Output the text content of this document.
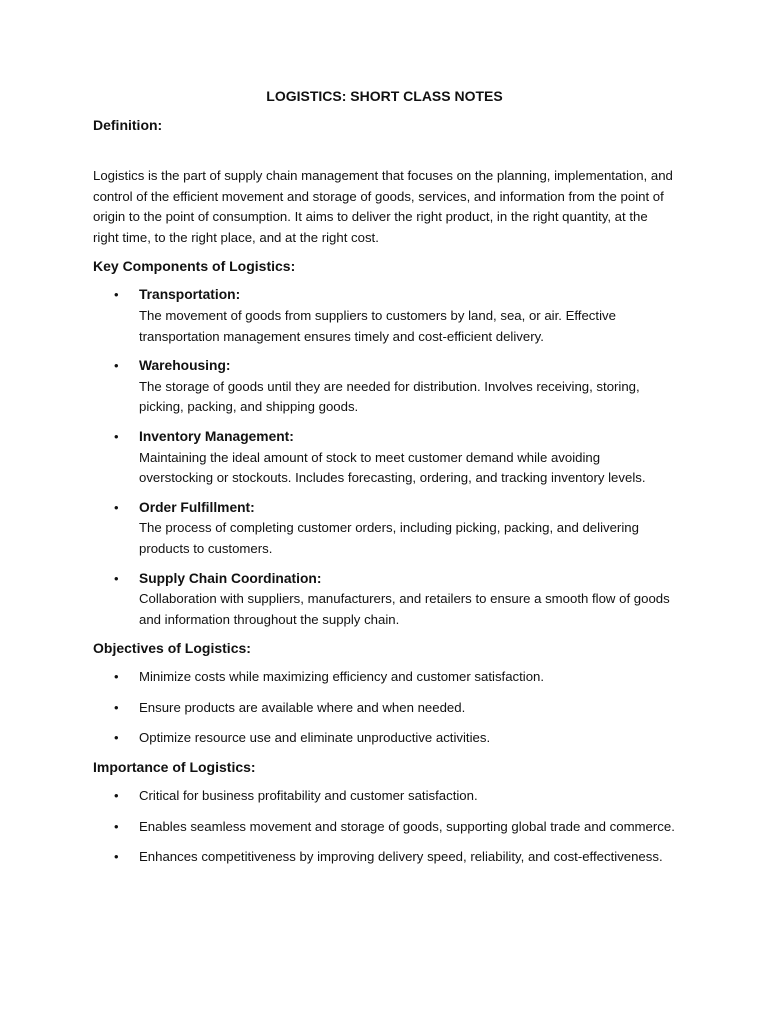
LOGISTICS: SHORT CLASS NOTES

Definition:

Logistics is the part of supply chain management that focuses on the planning, implementation, and control of the efficient movement and storage of goods, services, and information from the point of origin to the point of consumption. It aims to deliver the right product, in the right quantity, at the right time, to the right place, and at the right cost.

Key Components of Logistics:

• Transportation:
The movement of goods from suppliers to customers by land, sea, or air. Effective transportation management ensures timely and cost-efficient delivery.
• Warehousing:
The storage of goods until they are needed for distribution. Involves receiving, storing, picking, packing, and shipping goods.
• Inventory Management:
Maintaining the ideal amount of stock to meet customer demand while avoiding overstocking or stockouts. Includes forecasting, ordering, and tracking inventory levels.
• Order Fulfillment:
The process of completing customer orders, including picking, packing, and delivering products to customers.
• Supply Chain Coordination:
Collaboration with suppliers, manufacturers, and retailers to ensure a smooth flow of goods and information throughout the supply chain.

Objectives of Logistics:

• Minimize costs while maximizing efficiency and customer satisfaction.
• Ensure products are available where and when needed.
• Optimize resource use and eliminate unproductive activities.

Importance of Logistics:

• Critical for business profitability and customer satisfaction.
• Enables seamless movement and storage of goods, supporting global trade and commerce.
• Enhances competitiveness by improving delivery speed, reliability, and cost-effectiveness.
